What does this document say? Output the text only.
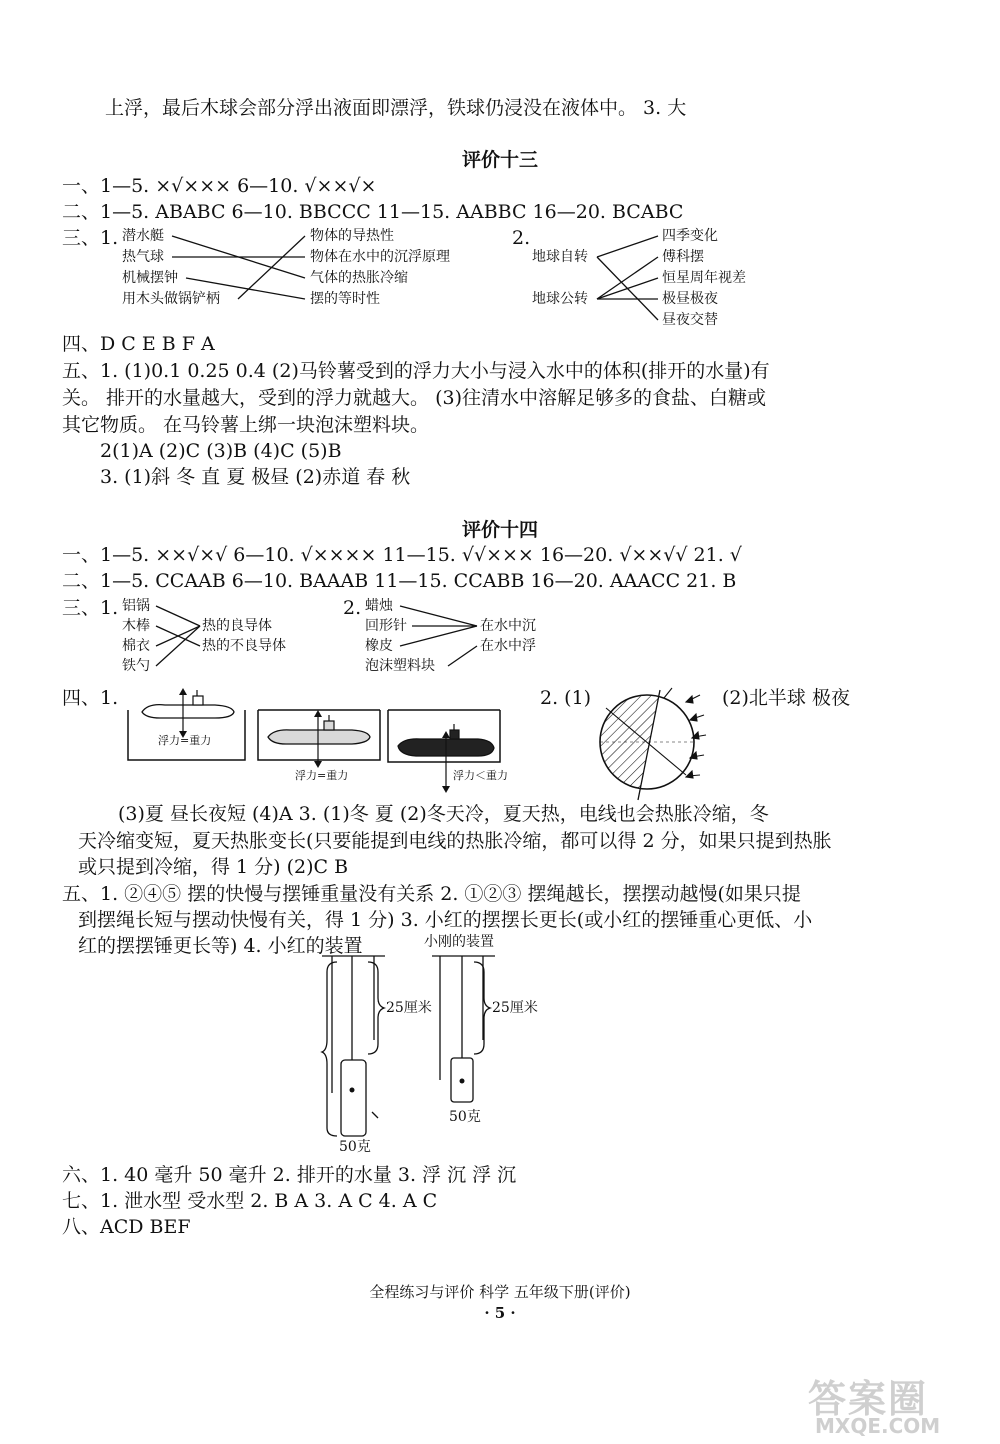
上浮，最后木球会部分浮出液面即漂浮，铁球仍浸没在液体中。 3. 大
评价十三
一、1—5. ×√××× 6—10. √××√×
二、1—5. ABABC 6—10. BBCCC 11—15. AABBC 16—20. BCABC
三、1. 潜水艇
热气球
机械摆钟
用木头做锅铲柄
物体的导热性
物体在水中的沉浮原理
气体的热胀冷缩
摆的等时性
2.
地球自转
地球公转
四季变化
傅科摆
恒星周年视差
极昼极夜
昼夜交替
四、D C E B F A
五、1. (1)0.1 0.25 0.4 (2)马铃薯受到的浮力大小与浸入水中的体积(排开的水量)有
关。 排开的水量越大，受到的浮力就越大。 (3)往清水中溶解足够多的食盐、白糖或
其它物质。 在马铃薯上绑一块泡沫塑料块。
2(1)A (2)C (3)B (4)C (5)B
3. (1)斜 冬 直 夏 极昼 (2)赤道 春 秋
评价十四
一、1—5. ××√×√ 6—10. √×××× 11—15. √√××× 16—20. √××√√ 21. √
二、1—5. CCAAB 6—10. BAAAB 11—15. CCABB 16—20. AAACC 21. B
三、1. 铝锅
木棒
棉衣
铁勺
热的良导体
热的不良导体
2. 蜡烛
回形针
橡皮
泡沫塑料块
在水中沉
在水中浮
四、1.
浮力=重力
浮力=重力	浮力＜重力
2. (1)	(2)北半球 极夜
(3)夏 昼长夜短 (4)A 3. (1)冬 夏 (2)冬天冷，夏天热，电线也会热胀冷缩，冬
天冷缩变短，夏天热胀变长(只要能提到电线的热胀冷缩，都可以得 2 分，如果只提到热胀
或只提到冷缩，得 1 分) (2)C B
五、1. ②④⑤ 摆的快慢与摆锤重量没有关系 2. ①②③ 摆绳越长，摆摆动越慢(如果只提
到摆绳长短与摆动快慢有关，得 1 分) 3. 小红的摆摆长更长(或小红的摆锤重心更低、小
红的摆摆锤更长等) 4. 小红的装置	小刚的装置
25厘米	25厘米
50克
50克
六、1. 40 毫升 50 毫升 2. 排开的水量 3. 浮 沉 浮 沉
七、1. 泄水型 受水型 2. B A 3. A C 4. A C
八、ACD BEF
全程练习与评价 科学 五年级下册(评价)
· 5 ·
答案圈
MXQE.COM
